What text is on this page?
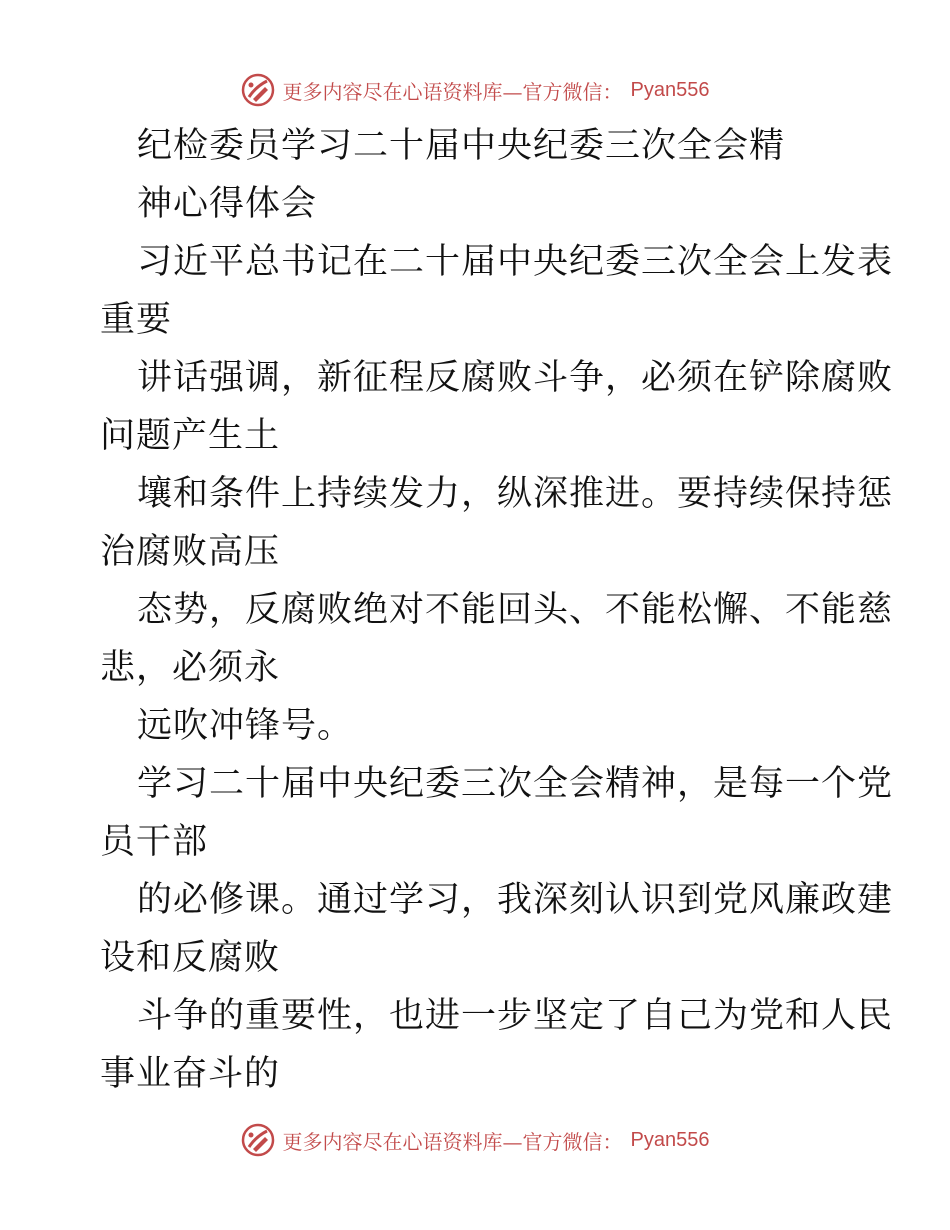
更多内容尽在心语资料库—官方微信： Pyan556
纪检委员学习二十届中央纪委三次全会精
神心得体会
习近平总书记在二十届中央纪委三次全会上发表
重要
讲话强调，新征程反腐败斗争，必须在铲除腐败
问题产生土
壤和条件上持续发力，纵深推进。要持续保持惩
治腐败高压
态势，反腐败绝对不能回头、不能松懈、不能慈
悲，必须永
远吹冲锋号。
学习二十届中央纪委三次全会精神，是每一个党
员干部
的必修课。通过学习，我深刻认识到党风廉政建
设和反腐败
斗争的重要性，也进一步坚定了自己为党和人民
事业奋斗的
更多内容尽在心语资料库—官方微信： Pyan556
